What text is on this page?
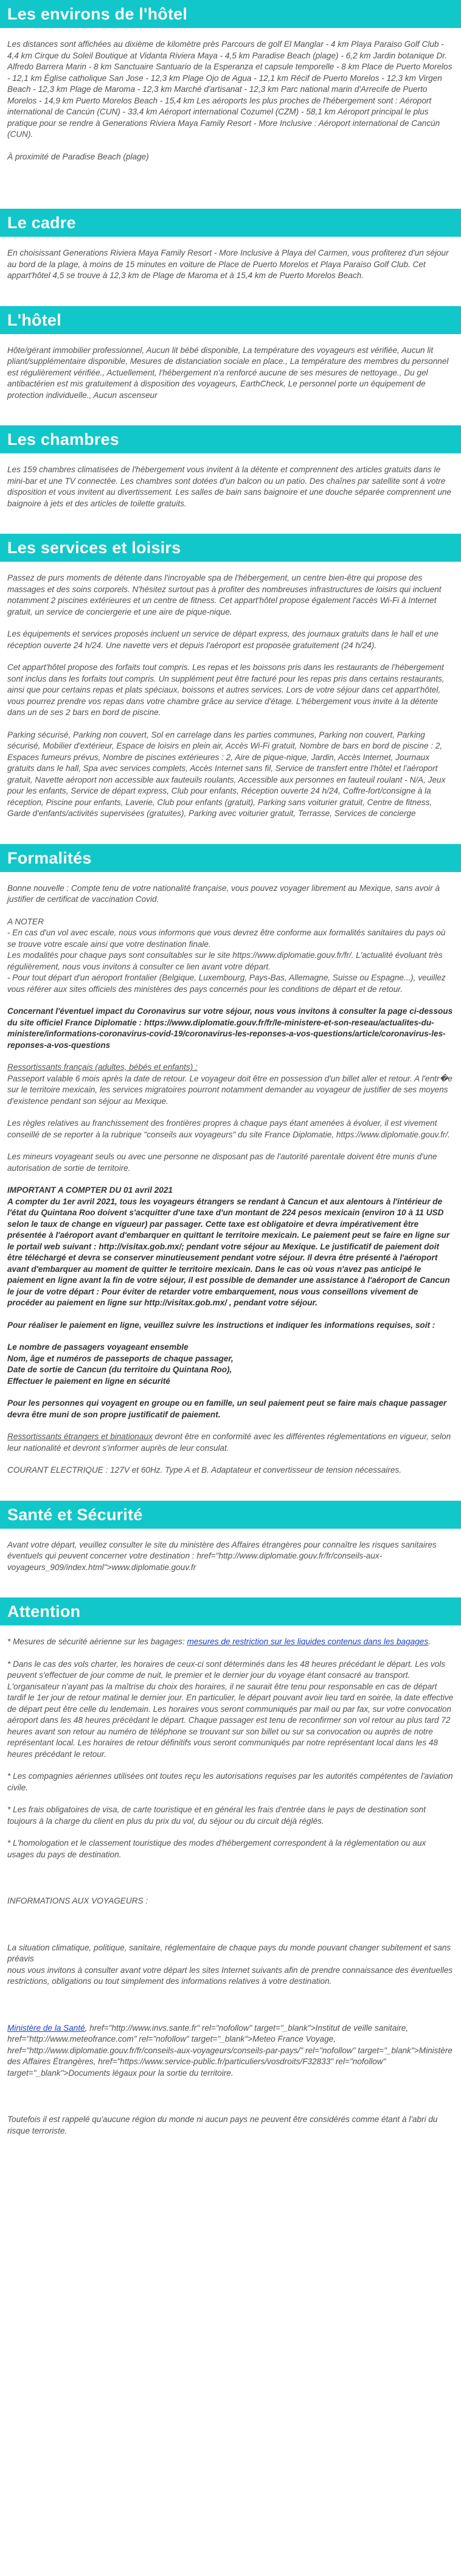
Les environs de l'hôtel

Les distances sont affichées au dixième de kilomètre près Parcours de golf El Manglar - 4 km Playa Paraiso Golf Club - 4,4 km Cirque du Soleil Boutique at Vidanta Riviera Maya - 4,5 km Paradise Beach (plage) - 6,2 km Jardin botanique Dr. Alfredo Barrera Marin - 8 km Sanctuaire Santuario de la Esperanza et capsule temporelle - 8 km Place de Puerto Morelos - 12,1 km Église catholique San Jose - 12,3 km Plage Ojo de Agua - 12,1 km Récif de Puerto Morelos - 12,3 km Virgen Beach - 12,3 km Plage de Maroma - 12,3 km Marché d'artisanat - 12,3 km Parc national marin d'Arrecife de Puerto Morelos - 14,9 km Puerto Morelos Beach - 15,4 km Les aéroports les plus proches de l'hébergement sont : Aéroport international de Cancún (CUN) - 33,4 km Aéroport international Cozumel (CZM) - 58,1 km Aéroport principal le plus pratique pour se rendre à Generations Riviera Maya Family Resort - More Inclusive : Aéroport international de Cancún (CUN).

À proximité de Paradise Beach (plage)

Le cadre

En choisissant Generations Riviera Maya Family Resort - More Inclusive à Playa del Carmen, vous profiterez d'un séjour au bord de la plage, à moins de 15 minutes en voiture de Place de Puerto Morelos et Playa Paraiso Golf Club. Cet appart'hôtel 4,5 se trouve à 12,3 km de Plage de Maroma et à 15,4 km de Puerto Morelos Beach.

L'hôtel

Hôte/gérant immobilier professionnel, Aucun lit bébé disponible, La température des voyageurs est vérifiée, Aucun lit pliant/supplémentaire disponible, Mesures de distanciation sociale en place., La température des membres du personnel est régulièrement vérifiée., Actuellement, l'hébergement n'a renforcé aucune de ses mesures de nettoyage., Du gel antibactérien est mis gratuitement à disposition des voyageurs, EarthCheck, Le personnel porte un équipement de protection individuelle., Aucun ascenseur

Les chambres

Les 159 chambres climatisées de l'hébergement vous invitent à la détente et comprennent des articles gratuits dans le mini-bar et une TV connectée. Les chambres sont dotées d'un balcon ou un patio. Des chaînes par satellite sont à votre disposition et vous invitent au divertissement. Les salles de bain sans baignoire et une douche séparée comprennent une baignoire à jets et des articles de toilette gratuits.

Les services et loisirs

Passez de purs moments de détente dans l'incroyable spa de l'hébergement, un centre bien-être qui propose des massages et des soins corporels. N'hésitez surtout pas à profiter des nombreuses infrastructures de loisirs qui incluent notamment 2 piscines extérieures et un centre de fitness. Cet appart'hôtel propose également l'accès Wi-Fi à Internet gratuit, un service de conciergerie et une aire de pique-nique.

Les équipements et services proposés incluent un service de départ express, des journaux gratuits dans le hall et une réception ouverte 24 h/24. Une navette vers et depuis l'aéroport est proposée gratuitement (24 h/24).

Cet appart'hôtel propose des forfaits tout compris. Les repas et les boissons pris dans les restaurants de l'hébergement sont inclus dans les forfaits tout compris. Un supplément peut être facturé pour les repas pris dans certains restaurants, ainsi que pour certains repas et plats spéciaux, boissons et autres services. Lors de votre séjour dans cet appart'hôtel, vous pourrez prendre vos repas dans votre chambre grâce au service d'étage. L'hébergement vous invite à la détente dans un de ses 2 bars en bord de piscine.

Parking sécurisé, Parking non couvert, Sol en carrelage dans les parties communes, Parking non couvert, Parking sécurisé, Mobilier d'extérieur, Espace de loisirs en plein air, Accès Wi-Fi gratuit, Nombre de bars en bord de piscine : 2, Espaces fumeurs prévus, Nombre de piscines extérieures : 2, Aire de pique-nique, Jardin, Accès Internet, Journaux gratuits dans le hall, Spa avec services complets, Accès Internet sans fil, Service de transfert entre l'hôtel et l'aéroport gratuit, Navette aéroport non accessible aux fauteuils roulants, Accessible aux personnes en fauteuil roulant - N/A, Jeux pour les enfants, Service de départ express, Club pour enfants, Réception ouverte 24 h/24, Coffre-fort/consigne à la réception, Piscine pour enfants, Laverie, Club pour enfants (gratuit), Parking sans voiturier gratuit, Centre de fitness, Garde d'enfants/activités supervisées (gratuites), Parking avec voiturier gratuit, Terrasse, Services de concierge

Formalités

Bonne nouvelle : Compte tenu de votre nationalité française, vous pouvez voyager librement au Mexique, sans avoir à justifier de certificat de vaccination Covid.

A NOTER

- En cas d'un vol avec escale, nous vous informons que vous devrez être conforme aux formalités sanitaires du pays où se trouve votre escale ainsi que votre destination finale.

Les modalités pour chaque pays sont consultables sur le site https://www.diplomatie.gouv.fr/fr/. L'actualité évoluant très régulièrement, nous vous invitons à consulter ce lien avant votre départ.

- Pour tout départ d'un aéroport frontalier (Belgique, Luxembourg, Pays-Bas, Allemagne, Suisse ou Espagne...), veuillez vous référer aux sites officiels des ministères des pays concernés pour les conditions de départ et de retour.

Concernant l'éventuel impact du Coronavirus sur votre séjour, nous vous invitons à consulter la page ci-dessous du site officiel France Diplomatie : https://www.diplomatie.gouv.fr/fr/le-ministere-et-son-reseau/actualites-du-ministere/informations-coronavirus-covid-19/coronavirus-les-reponses-a-vos-questions/article/coronavirus-les-reponses-a-vos-questions

Ressortissants français (adultes, bébés et enfants) :

Passeport valable 6 mois après la date de retour. Le voyageur doit être en possession d'un billet aller et retour. A l'entr�e sur le territoire mexicain, les services migratoires pourront notamment demander au voyageur de justifier de ses moyens d'existence pendant son séjour au Mexique.

Les règles relatives au franchissement des frontières propres à chaque pays étant amenées à évoluer, il est vivement conseillé de se reporter à la rubrique "conseils aux voyageurs" du site France Diplomatie, https://www.diplomatie.gouv.fr/.

Les mineurs voyageant seuls ou avec une personne ne disposant pas de l'autorité parentale doivent être munis d'une autorisation de sortie de territoire.

IMPORTANT A COMPTER DU 01 avril 2021

A compter du 1er avril 2021, tous les voyageurs étrangers se rendant à Cancun et aux alentours à l'intérieur de l'état du Quintana Roo doivent s'acquitter d'une taxe d'un montant de 224 pesos mexicain (environ 10 à 11 USD selon le taux de change en vigueur) par passager. Cette taxe est obligatoire et devra impérativement être présentée à l'aéroport avant d'embarquer en quittant le territoire mexicain. Le paiement peut se faire en ligne sur le portail web suivant : http://visitax.gob.mx/; pendant votre séjour au Mexique. Le justificatif de paiement doit être téléchargé et devra se conserver minutieusement pendant votre séjour. Il devra être présenté à l'aéroport avant d'embarquer au moment de quitter le territoire mexicain. Dans le cas où vous n'avez pas anticipé le paiement en ligne avant la fin de votre séjour, il est possible de demander une assistance à l'aéroport de Cancun le jour de votre départ : Pour éviter de retarder votre embarquement, nous vous conseillons vivement de procéder au paiement en ligne sur http://visitax.gob.mx/ , pendant votre séjour.

Pour réaliser le paiement en ligne, veuillez suivre les instructions et indiquer les informations requises, soit :

Le nombre de passagers voyageant ensemble

Nom, âge et numéros de passeports de chaque passager,

Date de sortie de Cancun (du territoire du Quintana Roo),

Effectuer le paiement en ligne en sécurité

Pour les personnes qui voyagent en groupe ou en famille, un seul paiement peut se faire mais chaque passager devra être muni de son propre justificatif de paiement.

Ressortissants étrangers et binationaux devront être en conformité avec les différentes réglementations en vigueur, selon leur nationalité et devront s'informer auprès de leur consulat.

COURANT ELECTRIQUE : 127V et 60Hz. Type A et B. Adaptateur et convertisseur de tension nécessaires.

Santé et Sécurité

Avant votre départ, veuillez consulter le site du ministère des Affaires étrangères pour connaître les risques sanitaires éventuels qui peuvent concerner votre destination : href="http://www.diplomatie.gouv.fr/fr/conseils-aux-voyageurs_909/index.html">www.diplomatie.gouv.fr

Attention

* Mesures de sécurité aérienne sur les bagages: mesures de restriction sur les liquides contenus dans les bagages.

* Dans le cas des vols charter, les horaires de ceux-ci sont déterminés dans les 48 heures précédant le départ. Les vols peuvent s'effectuer de jour comme de nuit, le premier et le dernier jour du voyage étant consacré au transport. L'organisateur n'ayant pas la maîtrise du choix des horaires, il ne saurait être tenu pour responsable en cas de départ tardif le 1er jour de retour matinal le dernier jour. En particulier, le départ pouvant avoir lieu tard en soirée, la date effective de départ peut être celle du lendemain. Les horaires vous seront communiqués par mail ou par fax, sur votre convocation aéroport dans les 48 heures précédant le départ. Chaque passager est tenu de reconfirmer son vol retour au plus tard 72 heures avant son retour au numéro de téléphone se trouvant sur son billet ou sur sa convocation ou auprès de notre représentant local. Les horaires de retour définitifs vous seront communiqués par notre représentant local dans les 48 heures précédant le retour.

* Les compagnies aériennes utilisées ont toutes reçu les autorisations requises par les autorités compétentes de l'aviation civile.

* Les frais obligatoires de visa, de carte touristique et en général les frais d'entrée dans le pays de destination sont toujours à la charge du client en plus du prix du vol, du séjour ou du circuit déjà réglés.

* L'homologation et le classement touristique des modes d'hébergement correspondent à la réglementation ou aux usages du pays de destination.

INFORMATIONS AUX VOYAGEURS :

La situation climatique, politique, sanitaire, réglementaire de chaque pays du monde pouvant changer subitement et sans préavis

nous vous invitons à consulter avant votre départ les sites Internet suivants afin de prendre connaissance des éventuelles restrictions, obligations ou tout simplement des informations relatives à votre destination.

Ministère de la Santé, href="http://www.invs.sante.fr" rel="nofollow" target="_blank">Institut de veille sanitaire, href="http://www.meteofrance.com" rel="nofollow" target="_blank">Meteo France Voyage, href="http://www.diplomatie.gouv.fr/fr/conseils-aux-voyageurs/conseils-par-pays/" rel="nofollow" target="_blank">Ministère des Affaires Étrangères, href="https://www.service-public.fr/particuliers/vosdroits/F32833" rel="nofollow" target="_blank">Documents légaux pour la sortie du territoire.

Toutefois il est rappelé qu'aucune région du monde ni aucun pays ne peuvent être considérés comme étant à l'abri du risque terroriste.
